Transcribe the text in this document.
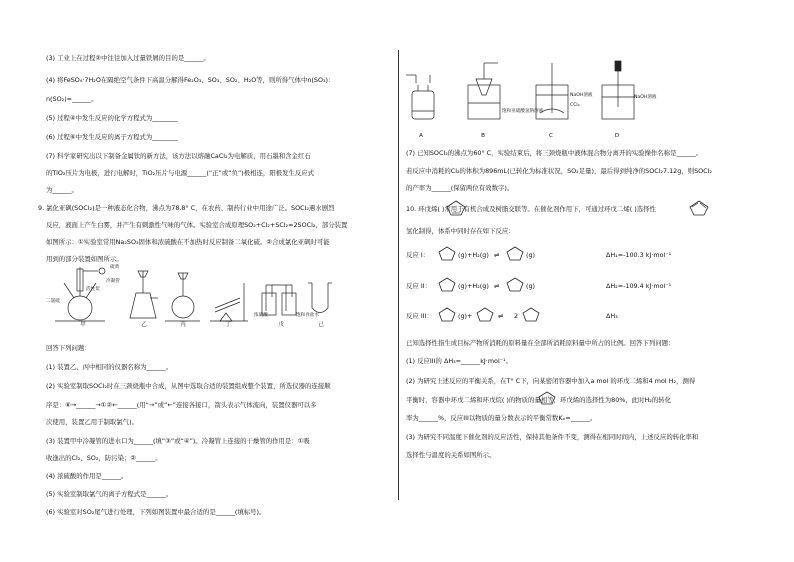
(3) 工业上在过程②中往往加入过量铁屑的目的是______。
(4) 将FeSO₄·7H₂O在隔绝空气条件下高温分解得Fe₂O₃、SO₃、SO₂、H₂O等，则所得气体中n(SO₃)：
n(SO₂)=______。
(5) 过程④中发生反应的化学方程式为________
(6) 过程⑥中发生反应的离子方程式为________
(7) 科学家研究出以下制备金属钛的新方法，该方法以熔融CaCl₂为电解质，用石墨和含金红石
的TiO₂压片为电极，进行电解时，TiO₂压片与电源______(“正”或“负”)极相连，阳极发生反应式
为______。
9. 氯化亚砜(SOCl₂)是一种液态化合物，沸点为78.8° C，在农药、制药行业中用途广泛。SOCl₂遇水剧烈
反应，液面上产生白雾，并产生有刺激性气味的气体。实验室合成原理SO₂+Cl₂+SCl₂=2SOCl₂，部分装置
如图所示：①实验室常用Na₂SO₃固体和浓硫酸在不加热时反应制备二氧化硫。②合成氯化亚砜时可能
用到的部分装置如图所示。
甲	乙	丙	丁	戊	己
硫黄
活性炭
二氯硫
冷凝管
浓硫酸	饱和食盐水
回答下列问题：
(1) 装置乙、丙中相同的仪器名称为______。
(2) 实验室制取SOCl₂时在三颈烧瓶中合成，从图中选取合适的装置组成整个装置，所选仪器的连接顺
序是：⑥→______→①②←______(用“→”或“←”连接各接口，箭头表示气体流向，装置仪器可以多
次使用，装置乙用于制取氯气)。
(3) 装置甲中冷凝管的进水口为______(填“③”或“④”)。冷凝管上连接的干燥管的作用是：①吸
收逸出的Cl₂、SO₂，防污染；②______。
(4) 浓硫酸的作用是______。
(5) 实验室制取氯气的离子方程式是______。
(6) 实验室对SO₂尾气进行处理，下列如图装置中最合适的是______(填标号)。
A	B	C	D
饱和亚硫酸氢钠溶液
NaOH溶液
CCl₄
NaOH溶液
(7) 已知SOCl₂的沸点为60° C，实验结束后，将三颈烧瓶中液体混合物分离开的实验操作名称是______。
若反应中消耗的Cl₂的体积为896mL(已转化为标准状况，SO₂足量)，最后得到纯净的SOCl₂7.12g，则SOCl₂
的产率为______(保留两位有效数字)。
10. 环戊烯( )常用于有机合成及树脂交联等。在催化剂作用下，可通过环戊二烯( )选择性
氢化制得，体系中同时存在如下反应：
反应 I：	(g)+H₂(g) ⇌	(g)	ΔH₁=-100.3 kJ·mol⁻¹
反应 II：	(g)+H₂(g) ⇌	(g)	ΔH₂=-109.4 kJ·mol⁻¹
反应 III：	(g)+	⇌ 2	ΔH₃
已知选择性指生成目标产物所消耗的原料量在全部所消耗原料量中所占的比例。回答下列问题：
(1) 反应III的 ΔH₃=______kJ·mol⁻¹。
(2) 为研究上述反应的平衡关系，在T° C下，向某密闭容器中加入a mol 的环戊二烯和4 mol H₂，测得
平衡时，容器中环戊二烯和环戊烷( )的物质的量相等，环戊烯的选择性为80%，此时H₂的转化
率为______%，反应III以物质的量分数表示的平衡常数Kₓ=______。
(3) 为研究不同温度下催化剂的反应活性，保持其他条件不变，测得在相同时间内，上述反应的转化率和
选择性与温度的关系如图所示。
